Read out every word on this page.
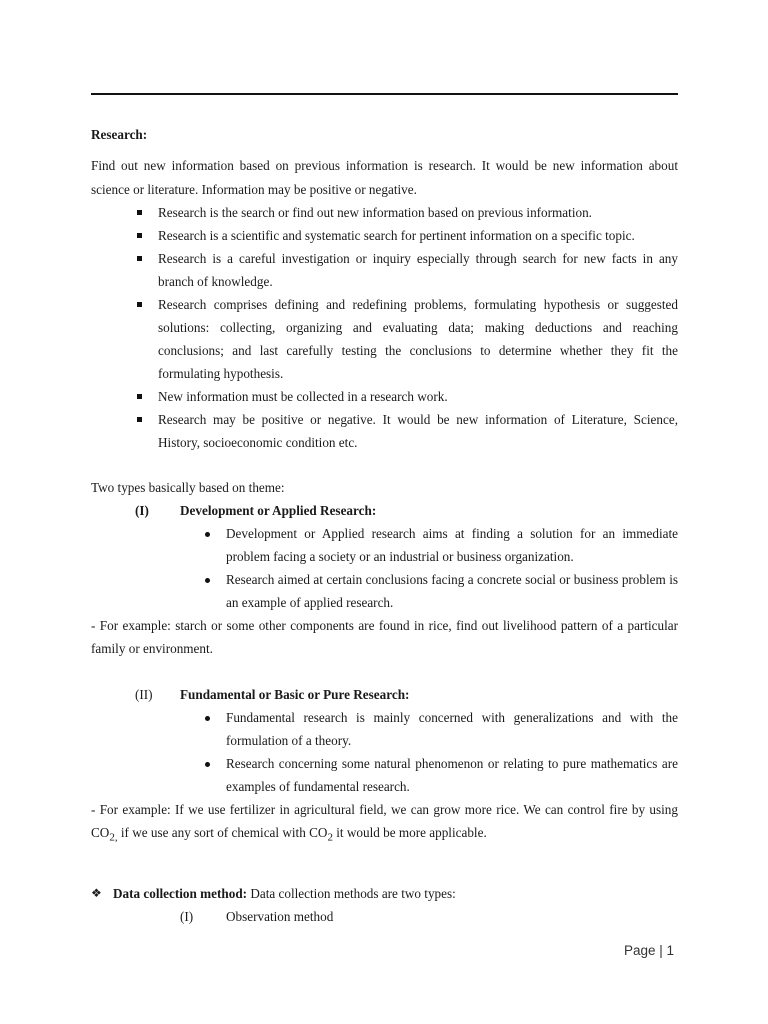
Research:

Find out new information based on previous information is research. It would be new information about science or literature. Information may be positive or negative.

Research is the search or find out new information based on previous information.
Research is a scientific and systematic search for pertinent information on a specific topic.
Research is a careful investigation or inquiry especially through search for new facts in any branch of knowledge.
Research comprises defining and redefining problems, formulating hypothesis or suggested solutions: collecting, organizing and evaluating data; making deductions and reaching conclusions; and last carefully testing the conclusions to determine whether they fit the formulating hypothesis.
New information must be collected in a research work.
Research may be positive or negative. It would be new information of Literature, Science, History, socioeconomic condition etc.

Two types basically based on theme:

(I) Development or Applied Research:
Development or Applied research aims at finding a solution for an immediate problem facing a society or an industrial or business organization.
Research aimed at certain conclusions facing a concrete social or business problem is an example of applied research.

- For example: starch or some other components are found in rice, find out livelihood pattern of a particular family or environment.

(II) Fundamental or Basic or Pure Research:
Fundamental research is mainly concerned with generalizations and with the formulation of a theory.
Research concerning some natural phenomenon or relating to pure mathematics are examples of fundamental research.

- For example: If we use fertilizer in agricultural field, we can grow more rice. We can control fire by using $CO_{2,}$ if we use any sort of chemical with $CO_2$ it would be more applicable.

❖ Data collection method: Data collection methods are two types:
(I) Observation method
Page | 1
